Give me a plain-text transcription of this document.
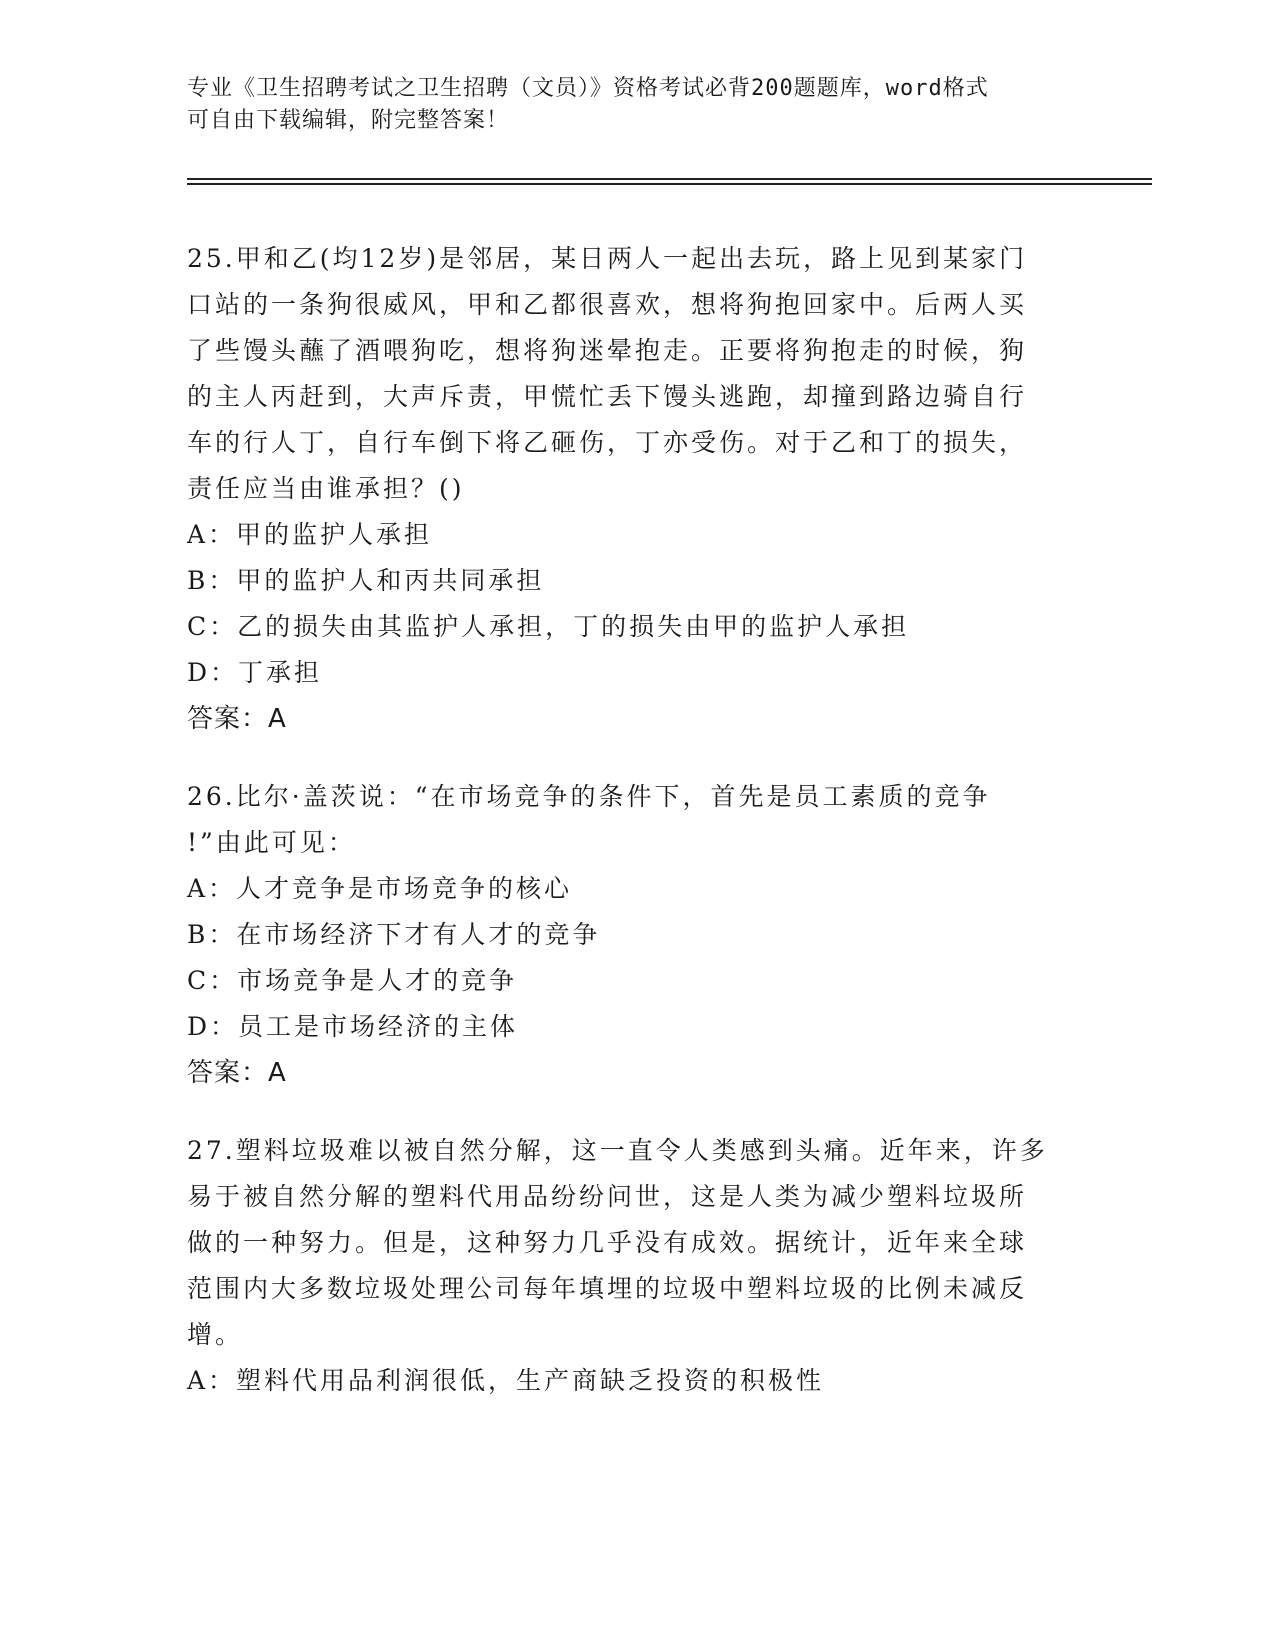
专业《卫生招聘考试之卫生招聘（文员）》资格考试必背200题题库，word格式
可自由下载编辑，附完整答案！
25.甲和乙(均12岁)是邻居，某日两人一起出去玩，路上见到某家门
口站的一条狗很威风，甲和乙都很喜欢，想将狗抱回家中。后两人买
了些馒头蘸了酒喂狗吃，想将狗迷晕抱走。正要将狗抱走的时候，狗
的主人丙赶到，大声斥责，甲慌忙丢下馒头逃跑，却撞到路边骑自行
车的行人丁，自行车倒下将乙砸伤，丁亦受伤。对于乙和丁的损失，
责任应当由谁承担？()
A：甲的监护人承担
B：甲的监护人和丙共同承担
C：乙的损失由其监护人承担，丁的损失由甲的监护人承担
D：丁承担
答案：A
26.比尔·盖茨说：“在市场竞争的条件下，首先是员工素质的竞争
!”由此可见：
A：人才竞争是市场竞争的核心
B：在市场经济下才有人才的竞争
C：市场竞争是人才的竞争
D：员工是市场经济的主体
答案：A
27.塑料垃圾难以被自然分解，这一直令人类感到头痛。近年来，许多
易于被自然分解的塑料代用品纷纷问世，这是人类为减少塑料垃圾所
做的一种努力。但是，这种努力几乎没有成效。据统计，近年来全球
范围内大多数垃圾处理公司每年填埋的垃圾中塑料垃圾的比例未减反
增。
A：塑料代用品利润很低，生产商缺乏投资的积极性
